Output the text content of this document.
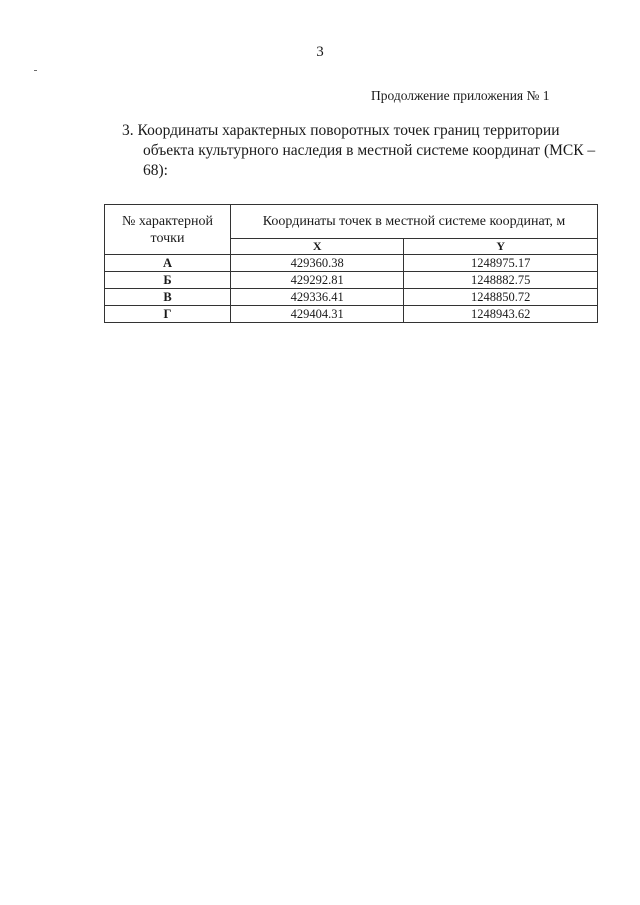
3
Продолжение приложения № 1
3. Координаты характерных поворотных точек границ территории
объекта культурного наследия в местной системе координат (МСК –
68):
№ характерной точки	Координаты точек в местной системе координат, м	
	X	Y
А	429360.38	1248975.17
Б	429292.81	1248882.75
В	429336.41	1248850.72
Г	429404.31	1248943.62
